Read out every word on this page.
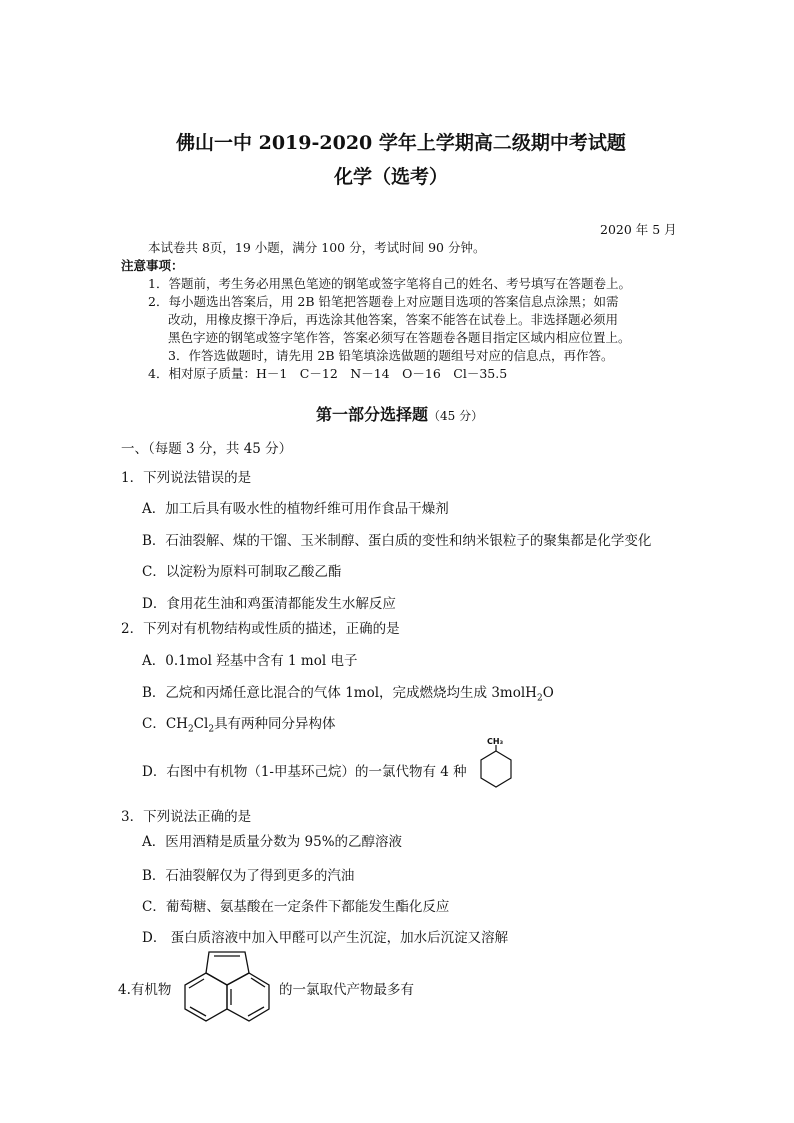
佛山一中 2019-2020 学年上学期高二级期中考试题
化学（选考）
2020 年 5 月
本试卷共 8页，19 小题，满分 100 分，考试时间 90 分钟。
注意事项：
1．答题前，考生务必用黑色笔迹的钢笔或签字笔将自己的姓名、考号填写在答题卷上。
2．每小题选出答案后，用 2B 铅笔把答题卷上对应题目选项的答案信息点涂黑；如需
改动，用橡皮擦干净后，再选涂其他答案，答案不能答在试卷上。非选择题必须用
黑色字迹的钢笔或签字笔作答，答案必须写在答题卷各题目指定区域内相应位置上。
3．作答选做题时，请先用 2B 铅笔填涂选做题的题组号对应的信息点，再作答。
4．相对原子质量：H－1　C－12　N－14　O－16　Cl－35.5
第一部分选择题（45 分）
一、（每题 3 分，共 45 分）
1．下列说法错误的是
A．加工后具有吸水性的植物纤维可用作食品干燥剂
B．石油裂解、煤的干馏、玉米制醇、蛋白质的变性和纳米银粒子的聚集都是化学变化
C．以淀粉为原料可制取乙酸乙酯
D．食用花生油和鸡蛋清都能发生水解反应
2．下列对有机物结构或性质的描述，正确的是
A．0.1mol 羟基中含有 1 mol 电子
B．乙烷和丙烯任意比混合的气体 1mol，完成燃烧均生成 3molH$_2$O
C．$CH_2Cl_2$具有两种同分异构体
D．右图中有机物（1-甲基环己烷）的一氯代物有 4 种
CH₃
3．下列说法正确的是
A．医用酒精是质量分数为 95%的乙醇溶液
B．石油裂解仅为了得到更多的汽油
C．葡萄糖、氨基酸在一定条件下都能发生酯化反应
D． 蛋白质溶液中加入甲醛可以产生沉淀，加水后沉淀又溶解
4.有机物	的一氯取代产物最多有
